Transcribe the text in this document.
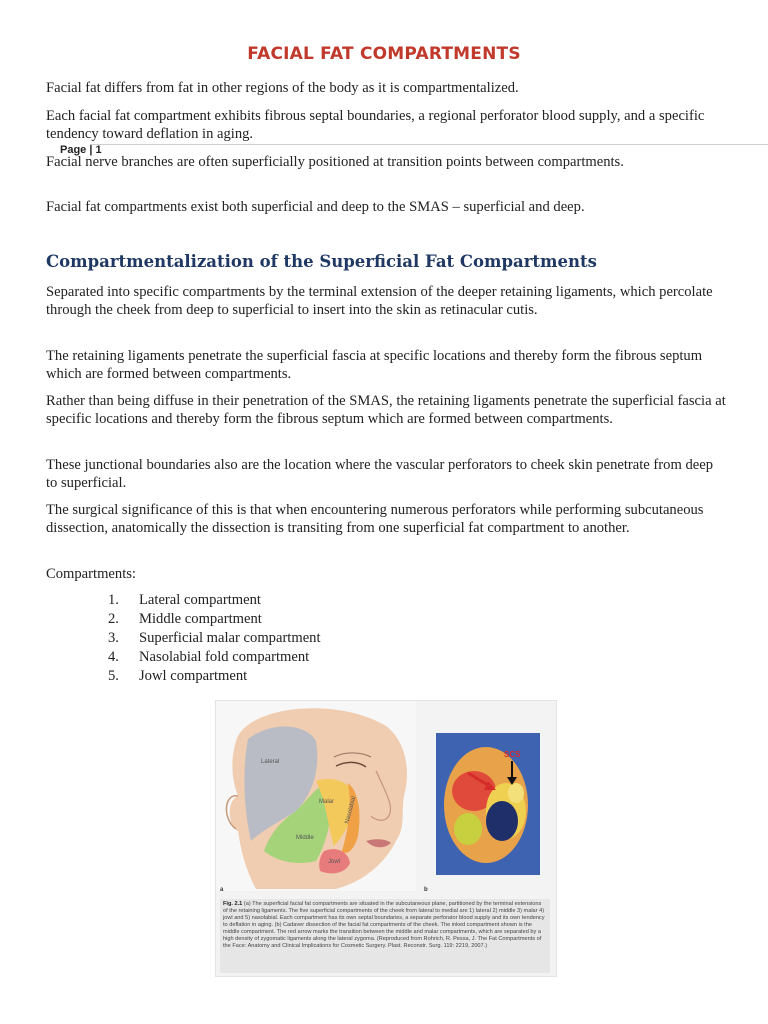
FACIAL FAT COMPARTMENTS

Facial fat differs from fat in other regions of the body as it is compartmentalized.

Each facial fat compartment exhibits fibrous septal boundaries, a regional perforator blood supply, and a specific tendency toward deflation in aging.

Facial nerve branches are often superficially positioned at transition points between compartments.

Page | 1

Facial fat compartments exist both superficial and deep to the SMAS – superficial and deep.

Compartmentalization of the Superficial Fat Compartments

Separated into specific compartments by the terminal extension of the deeper retaining ligaments, which percolate through the cheek from deep to superficial to insert into the skin as retinacular cutis.

The retaining ligaments penetrate the superficial fascia at specific locations and thereby form the fibrous septum which are formed between compartments.

Rather than being diffuse in their penetration of the SMAS, the retaining ligaments penetrate the superficial fascia at specific locations and thereby form the fibrous septum which are formed between compartments.

These junctional boundaries also are the location where the vascular perforators to cheek skin penetrate from deep to superficial.

The surgical significance of this is that when encountering numerous perforators while performing subcutaneous dissection, anatomically the dissection is transiting from one superficial fat compartment to another.

Compartments:

1. Lateral compartment
2. Middle compartment
3. Superficial malar compartment
4. Nasolabial fold compartment
5. Jowl compartment
Lateral
Malar Nasolabial
Middle
Jowl
SCS
a	b
Fig. 2.1 (a) The superficial facial fat compartments are situated in the subcutaneous plane, partitioned by the terminal extensions of the retaining ligaments. The five superficial compartments of the cheek from lateral to medial are 1) lateral 2) middle 3) malar 4) jowl and 5) nasolabial. Each compartment has its own septal boundaries, a separate perforator blood supply and its own tendency to deflation in aging. (b) Cadaver dissection of the facial fat compartments of the cheek. The inked compartment shown is the middle compartment. The red arrow marks the transition between the middle and malar compartments, which are separated by a high density of zygomatic ligaments along the lateral zygoma. (Reproduced from Rohrich, R. Pessa, J. The Fat Compartments of the Face: Anatomy and Clinical Implications for Cosmetic Surgery. Plast. Reconstr. Surg. 119: 2219, 2007.)
